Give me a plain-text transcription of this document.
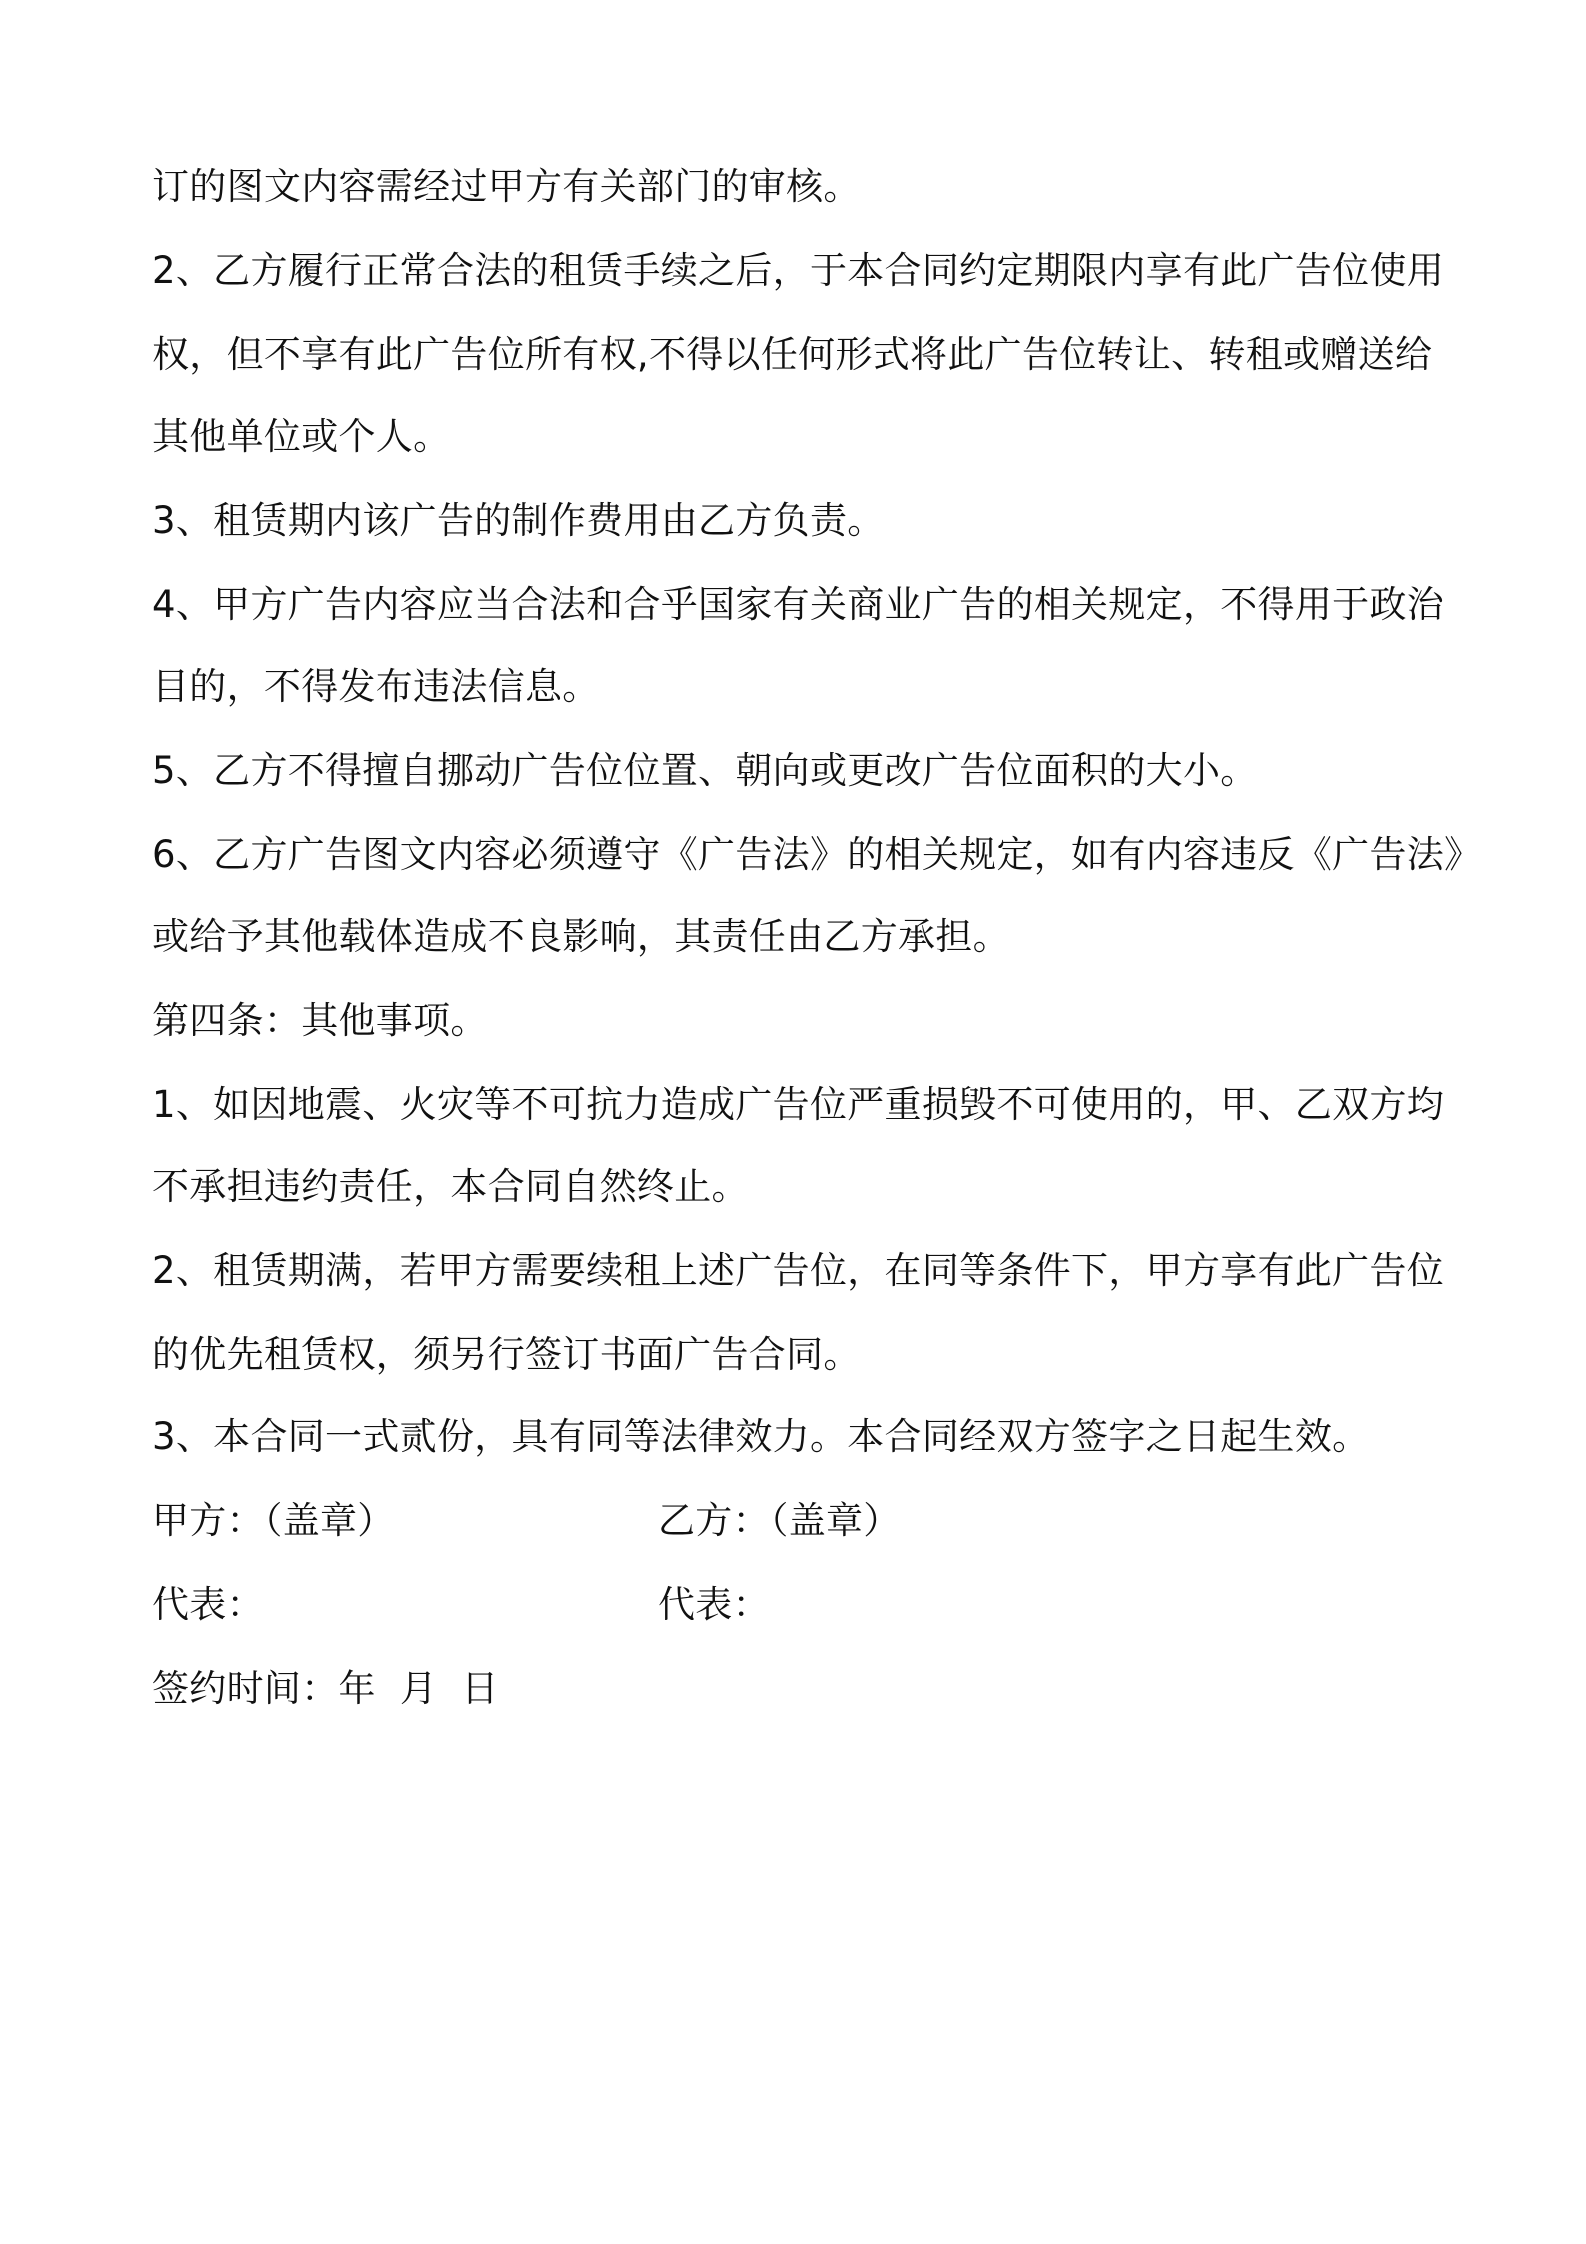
订的图文内容需经过甲方有关部门的审核。
2、乙方履行正常合法的租赁手续之后，于本合同约定期限内享有此广告位使用
权，但不享有此广告位所有权,不得以任何形式将此广告位转让、转租或赠送给
其他单位或个人。
3、租赁期内该广告的制作费用由乙方负责。
4、甲方广告内容应当合法和合乎国家有关商业广告的相关规定，不得用于政治
目的，不得发布违法信息。
5、乙方不得擅自挪动广告位位置、朝向或更改广告位面积的大小。
6、乙方广告图文内容必须遵守《广告法》的相关规定，如有内容违反《广告法》
或给予其他载体造成不良影响，其责任由乙方承担。
第四条：其他事项。
1、如因地震、火灾等不可抗力造成广告位严重损毁不可使用的，甲、乙双方均
不承担违约责任，本合同自然终止。
2、租赁期满，若甲方需要续租上述广告位，在同等条件下，甲方享有此广告位
的优先租赁权，须另行签订书面广告合同。
3、本合同一式贰份，具有同等法律效力。本合同经双方签字之日起生效。
甲方：（盖章）	乙方：（盖章）
代表：	代表：
签约时间：年  月  日
